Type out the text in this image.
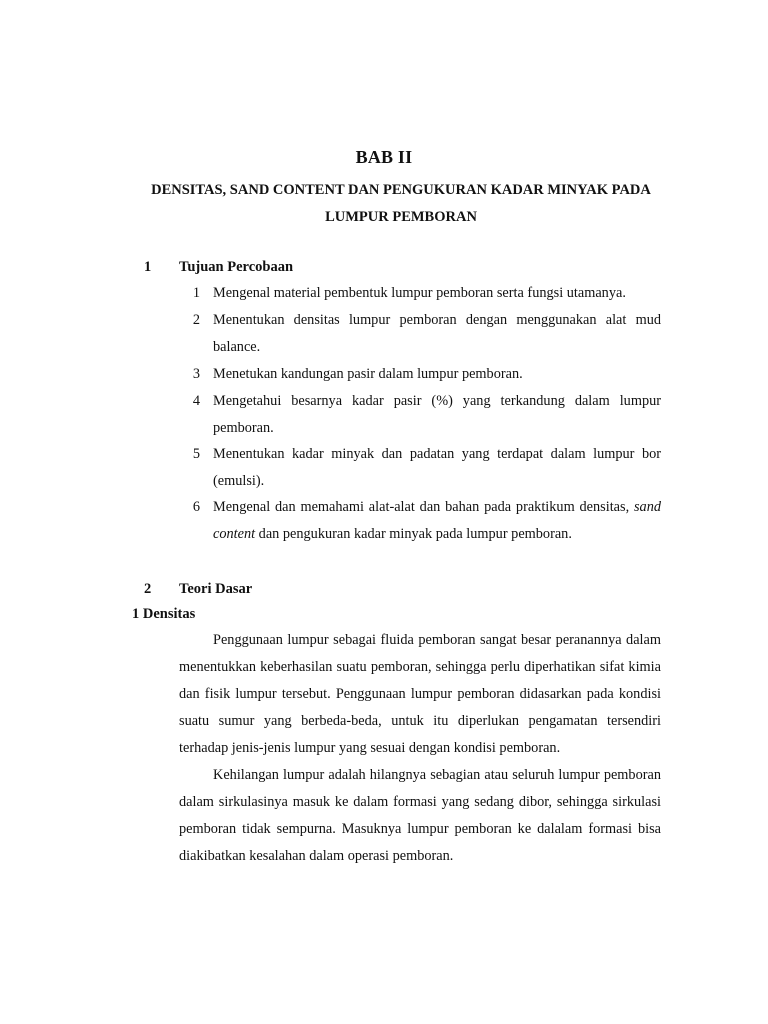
BAB II
DENSITAS, SAND CONTENT DAN PENGUKURAN KADAR MINYAK PADA
LUMPUR PEMBORAN
1 Tujuan Percobaan
1 Mengenal material pembentuk lumpur pemboran serta fungsi utamanya.
2 Menentukan densitas lumpur pemboran dengan menggunakan alat mud balance.
3 Menetukan kandungan pasir dalam lumpur pemboran.
4 Mengetahui besarnya kadar pasir (%) yang terkandung dalam lumpur pemboran.
5 Menentukan kadar minyak dan padatan yang terdapat dalam lumpur bor (emulsi).
6 Mengenal dan memahami alat-alat dan bahan pada praktikum densitas, sand content dan pengukuran kadar minyak pada lumpur pemboran.
2 Teori Dasar
1 Densitas
Penggunaan lumpur sebagai fluida pemboran sangat besar peranannya dalam menentukkan keberhasilan suatu pemboran, sehingga perlu diperhatikan sifat kimia dan fisik lumpur tersebut. Penggunaan lumpur pemboran didasarkan pada kondisi suatu sumur yang berbeda-beda, untuk itu diperlukan pengamatan tersendiri terhadap jenis-jenis lumpur yang sesuai dengan kondisi pemboran.
Kehilangan lumpur adalah hilangnya sebagian atau seluruh lumpur pemboran dalam sirkulasinya masuk ke dalam formasi yang sedang dibor, sehingga sirkulasi pemboran tidak sempurna. Masuknya lumpur pemboran ke dalalam formasi bisa diakibatkan kesalahan dalam operasi pemboran.
